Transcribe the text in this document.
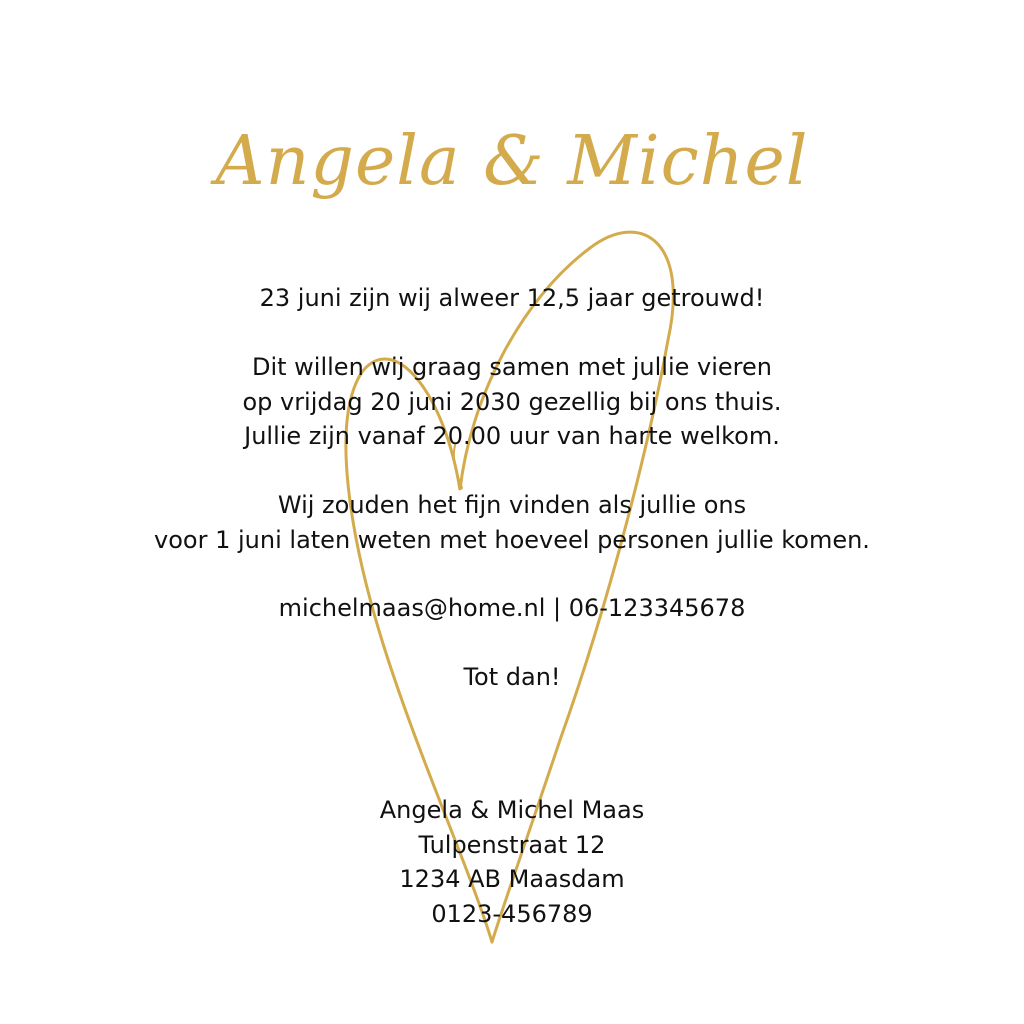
Angela & Michel
23 juni zijn wij alweer 12,5 jaar getrouwd!
Dit willen wij graag samen met jullie vieren
op vrijdag 20 juni 2030 gezellig bij ons thuis.
Jullie zijn vanaf 20.00 uur van harte welkom.
Wij zouden het fijn vinden als jullie ons
voor 1 juni laten weten met hoeveel personen jullie komen.
michelmaas@home.nl | 06-123345678
Tot dan!
Angela & Michel Maas
Tulpenstraat 12
1234 AB Maasdam
0123-456789
